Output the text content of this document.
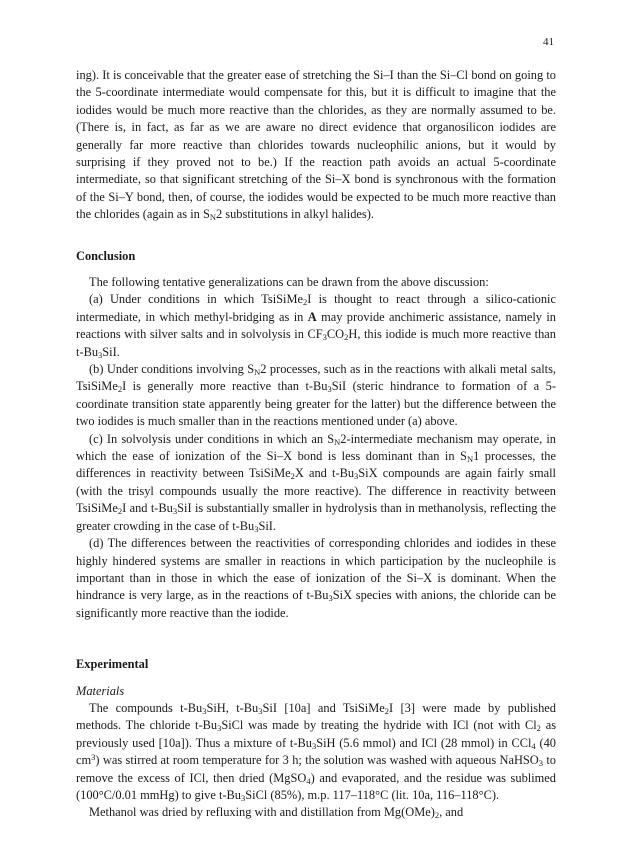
41

ing). It is conceivable that the greater ease of stretching the Si–I than the Si–Cl bond on going to the 5-coordinate intermediate would compensate for this, but it is difficult to imagine that the iodides would be much more reactive than the chlorides, as they are normally assumed to be. (There is, in fact, as far as we are aware no direct evidence that organosilicon iodides are generally far more reactive than chlorides towards nucleophilic anions, but it would by surprising if they proved not to be.) If the reaction path avoids an actual 5-coordinate intermediate, so that significant stretching of the Si–X bond is synchronous with the formation of the Si–Y bond, then, of course, the iodides would be expected to be much more reactive than the chlorides (again as in $S_N2$ substitutions in alkyl halides).

Conclusion

The following tentative generalizations can be drawn from the above discussion:

(a) Under conditions in which TsiSiMe$_2$I is thought to react through a silico-cationic intermediate, in which methyl-bridging as in A may provide anchimeric assistance, namely in reactions with silver salts and in solvolysis in $CF_3CO_2H$, this iodide is much more reactive than $t-Bu_3SiI$.

(b) Under conditions involving $S_N2$ processes, such as in the reactions with alkali metal salts, TsiSiMe$_2$I is generally more reactive than $t-Bu_3SiI$ (steric hindrance to formation of a 5-coordinate transition state apparently being greater for the latter) but the difference between the two iodides is much smaller than in the reactions mentioned under (a) above.

(c) In solvolysis under conditions in which an $S_N2$-intermediate mechanism may operate, in which the ease of ionization of the Si–X bond is less dominant than in $S_N1$ processes, the differences in reactivity between TsiSiMe$_2$X and $t-Bu_3SiX$ compounds are again fairly small (with the trisyl compounds usually the more reactive). The difference in reactivity between TsiSiMe$_2$I and $t-Bu_3SiI$ is substantially smaller in hydrolysis than in methanolysis, reflecting the greater crowding in the case of $t-Bu_3SiI$.

(d) The differences between the reactivities of corresponding chlorides and iodides in these highly hindered systems are smaller in reactions in which participation by the nucleophile is important than in those in which the ease of ionization of the Si–X is dominant. When the hindrance is very large, as in the reactions of $t-Bu_3SiX$ species with anions, the chloride can be significantly more reactive than the iodide.

Experimental
Materials

The compounds $t-Bu_3SiH$, $t-Bu_3SiI$ [10a] and TsiSiMe$_2$I [3] were made by published methods. The chloride $t-Bu_3SiCl$ was made by treating the hydride with ICl (not with $Cl_2$ as previously used [10a]). Thus a mixture of $t-Bu_3SiH$ (5.6 mmol) and ICl (28 mmol) in CCl$_4$ (40 $cm^3$) was stirred at room temperature for 3 h; the solution was washed with aqueous NaHSO$_3$ to remove the excess of ICl, then dried (MgSO$_4$) and evaporated, and the residue was sublimed (100°C/0.01 mmHg) to give $t-Bu_3SiCl$ (85%), m.p. 117–118°C (lit. 10a, 116–118°C).

Methanol was dried by refluxing with and distillation from $Mg(OMe)_2$, and
